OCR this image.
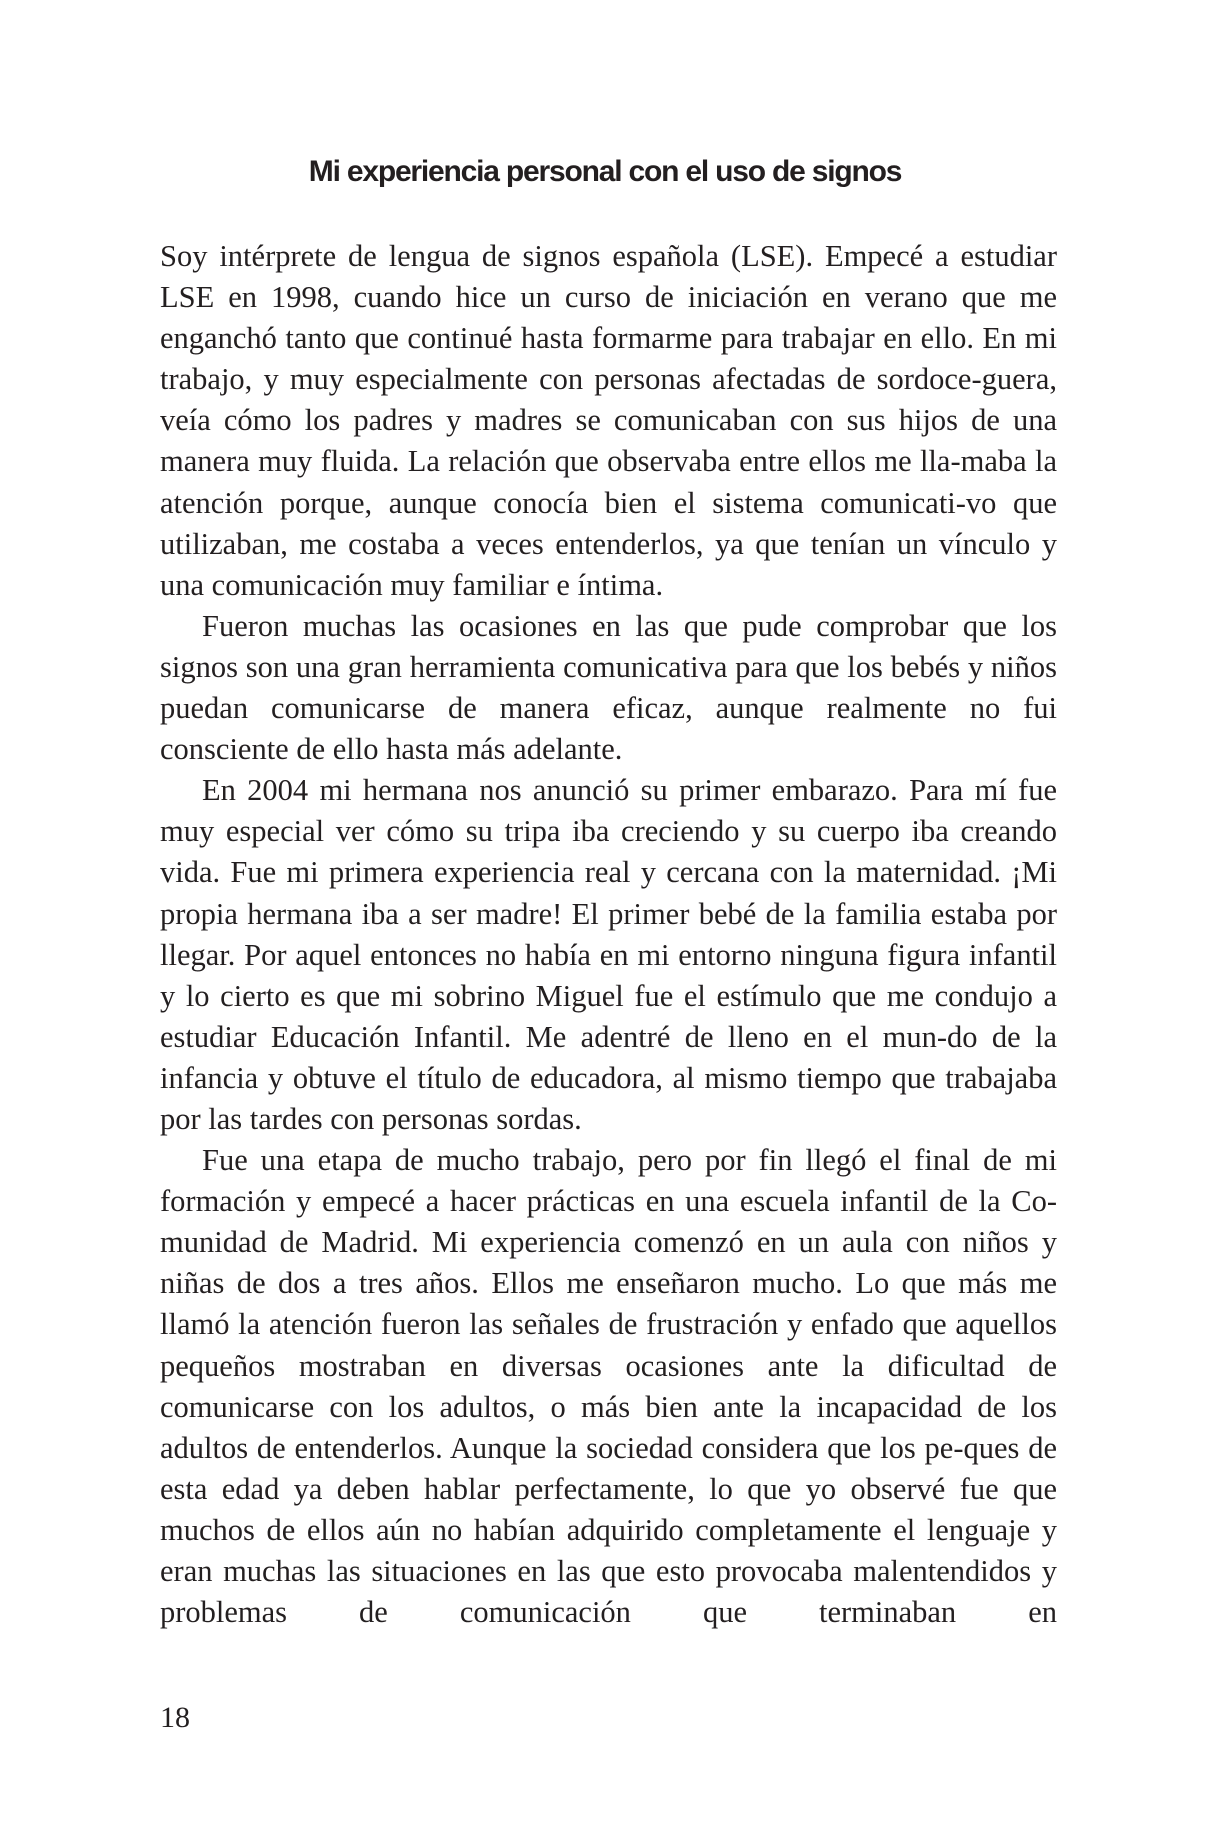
Mi experiencia personal con el uso de signos

Soy intérprete de lengua de signos española (LSE). Empecé a estudiar LSE en 1998, cuando hice un curso de iniciación en verano que me enganchó tanto que continué hasta formarme para trabajar en ello. En mi trabajo, y muy especialmente con personas afectadas de sordoce-guera, veía cómo los padres y madres se comunicaban con sus hijos de una manera muy fluida. La relación que observaba entre ellos me lla-maba la atención porque, aunque conocía bien el sistema comunicati-vo que utilizaban, me costaba a veces entenderlos, ya que tenían un vínculo y una comunicación muy familiar e íntima.

Fueron muchas las ocasiones en las que pude comprobar que los signos son una gran herramienta comunicativa para que los bebés y niños puedan comunicarse de manera eficaz, aunque realmente no fui consciente de ello hasta más adelante.

En 2004 mi hermana nos anunció su primer embarazo. Para mí fue muy especial ver cómo su tripa iba creciendo y su cuerpo iba creando vida. Fue mi primera experiencia real y cercana con la maternidad. ¡Mi propia hermana iba a ser madre! El primer bebé de la familia estaba por llegar. Por aquel entonces no había en mi entorno ninguna figura infantil y lo cierto es que mi sobrino Miguel fue el estímulo que me condujo a estudiar Educación Infantil. Me adentré de lleno en el mun-do de la infancia y obtuve el título de educadora, al mismo tiempo que trabajaba por las tardes con personas sordas.

Fue una etapa de mucho trabajo, pero por fin llegó el final de mi formación y empecé a hacer prácticas en una escuela infantil de la Co-munidad de Madrid. Mi experiencia comenzó en un aula con niños y niñas de dos a tres años. Ellos me enseñaron mucho. Lo que más me llamó la atención fueron las señales de frustración y enfado que aquellos pequeños mostraban en diversas ocasiones ante la dificultad de comunicarse con los adultos, o más bien ante la incapacidad de los adultos de entenderlos. Aunque la sociedad considera que los pe-ques de esta edad ya deben hablar perfectamente, lo que yo observé fue que muchos de ellos aún no habían adquirido completamente el lenguaje y eran muchas las situaciones en las que esto provocaba malentendidos y problemas de comunicación que terminaban en

18
